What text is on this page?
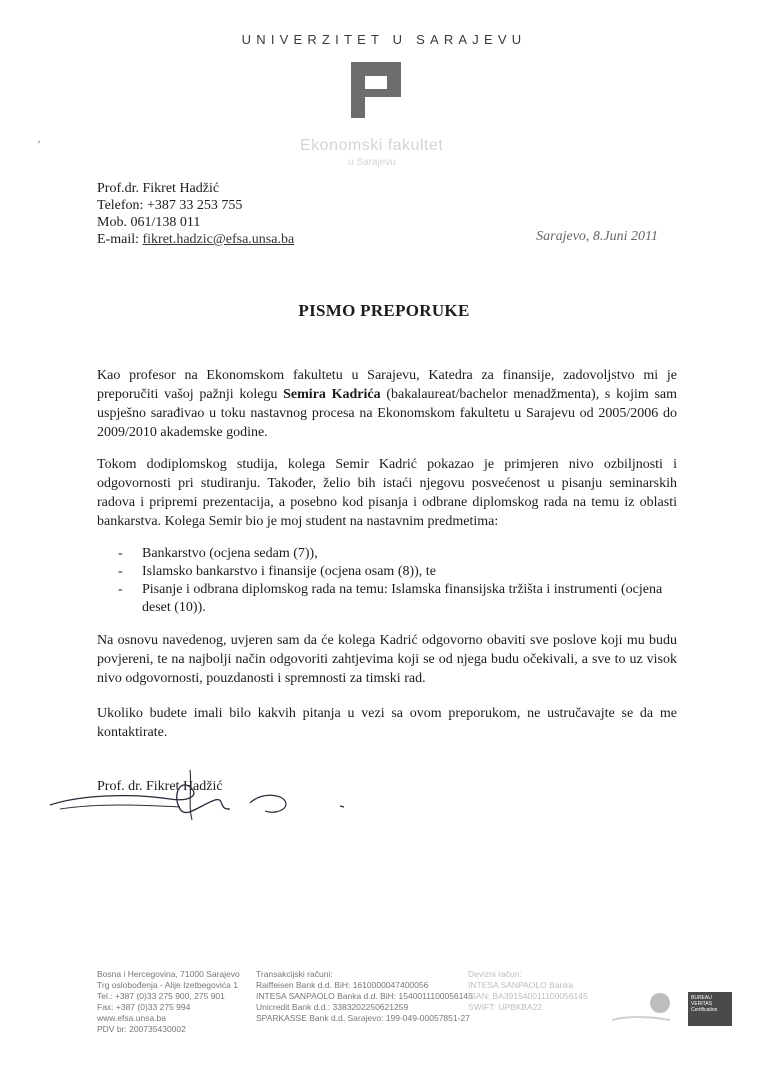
UNIVERZITET U SARAJEVU
Ekonomski fakultet
u Sarajevu
ʹ
Prof.dr. Fikret Hadžić
Telefon: +387 33 253 755
Mob. 061/138 011
E-mail: fikret.hadzic@efsa.unsa.ba	Sarajevo, 8.Juni 2011
PISMO PREPORUKE
Kao profesor na Ekonomskom fakultetu u Sarajevu, Katedra za finansije, zadovoljstvo mi je preporučiti vašoj pažnji kolegu Semira Kadrića (bakalaureat/bachelor menadžmenta), s kojim sam uspješno sarađivao u toku nastavnog procesa na Ekonomskom fakultetu u Sarajevu od 2005/2006 do 2009/2010 akademske godine.
Tokom dodiplomskog studija, kolega Semir Kadrić pokazao je primjeren nivo ozbiljnosti i odgovornosti pri studiranju. Također, želio bih istaći njegovu posvećenost u pisanju seminarskih radova i pripremi prezentacija, a posebno kod pisanja i odbrane diplomskog rada na temu iz oblasti bankarstva. Kolega Semir bio je moj student na nastavnim predmetima:
- Bankarstvo (ocjena sedam (7)),
- Islamsko bankarstvo i finansije (ocjena osam (8)), te
- Pisanje i odbrana diplomskog rada na temu: Islamska finansijska tržišta i instrumenti (ocjena deset (10)).
Na osnovu navedenog, uvjeren sam da će kolega Kadrić odgovorno obaviti sve poslove koji mu budu povjereni, te na najbolji način odgovoriti zahtjevima koji se od njega budu očekivali, a sve to uz visok nivo odgovornosti, pouzdanosti i spremnosti za timski rad.
Ukoliko budete imali bilo kakvih pitanja u vezi sa ovom preporukom, ne ustručavajte se da me kontaktirate.
Prof. dr. Fikret Hadžić
Bosna i Hercegovina, 71000 Sarajevo
Trg oslobođenja - Alije Izetbegovića 1
Tel.: +387 (0)33 275 900, 275 901
Fax: +387 (0)33 275 994
www.efsa.unsa.ba
PDV br: 200735430002
Transakcijski računi:
Raiffeisen Bank d.d. BiH: 1610000047400056
INTESA SANPAOLO Banka d.d. BiH: 1540011100056145
Unicredit Bank d.d.: 3383202250621259
SPARKASSE Bank d.d. Sarajevo: 199-049-00057851-27
Devizni račun:
INTESA SANPAOLO Banka
IBAN: BA391540011100056145
SWIFT: UPBKBA22
BUREAU VERITAS Certification
